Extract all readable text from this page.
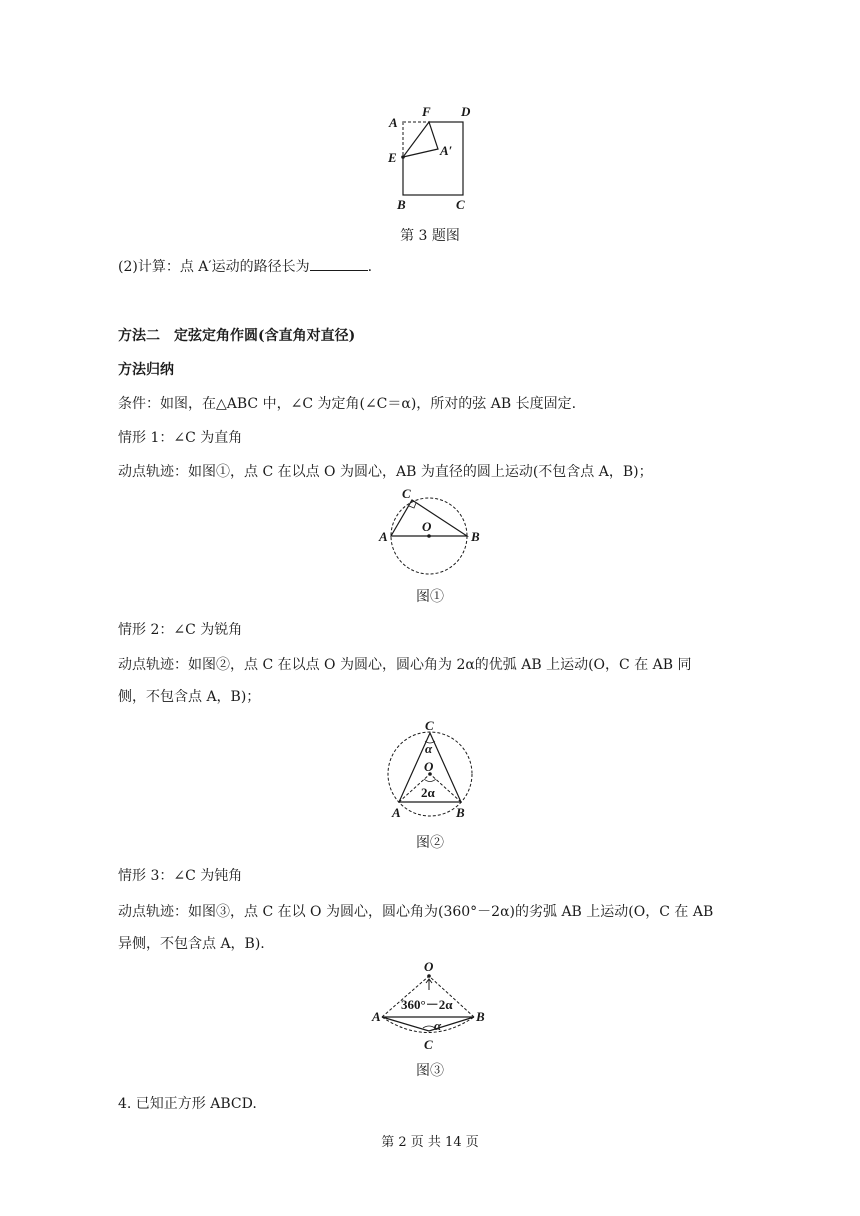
A
F D
E	A′
B	C
第 3 题图
(2)计算：点 A′运动的路径长为	.
方法二　定弦定角作圆(含直角对直径)
方法归纳
条件：如图，在△ABC 中，∠C 为定角(∠C＝α)，所对的弦 AB 长度固定.
情形 1：∠C 为直角
动点轨迹：如图①，点 C 在以点 O 为圆心，AB 为直径的圆上运动(不包含点 A，B)；
A	B
C
O
图①
情形 2：∠C 为锐角
动点轨迹：如图②，点 C 在以点 O 为圆心，圆心角为 2α的优弧 AB 上运动(O，C 在 AB 同
侧，不包含点 A，B)；
C
α
O
2α
A	B
图②
情形 3：∠C 为钝角
动点轨迹：如图③，点 C 在以 O 为圆心，圆心角为(360°－2α)的劣弧 AB 上运动(O，C 在 AB
异侧，不包含点 A，B).
O
360°－2α
A	B
α
C
图③
4. 已知正方形 ABCD.
第 2 页 共 14 页
